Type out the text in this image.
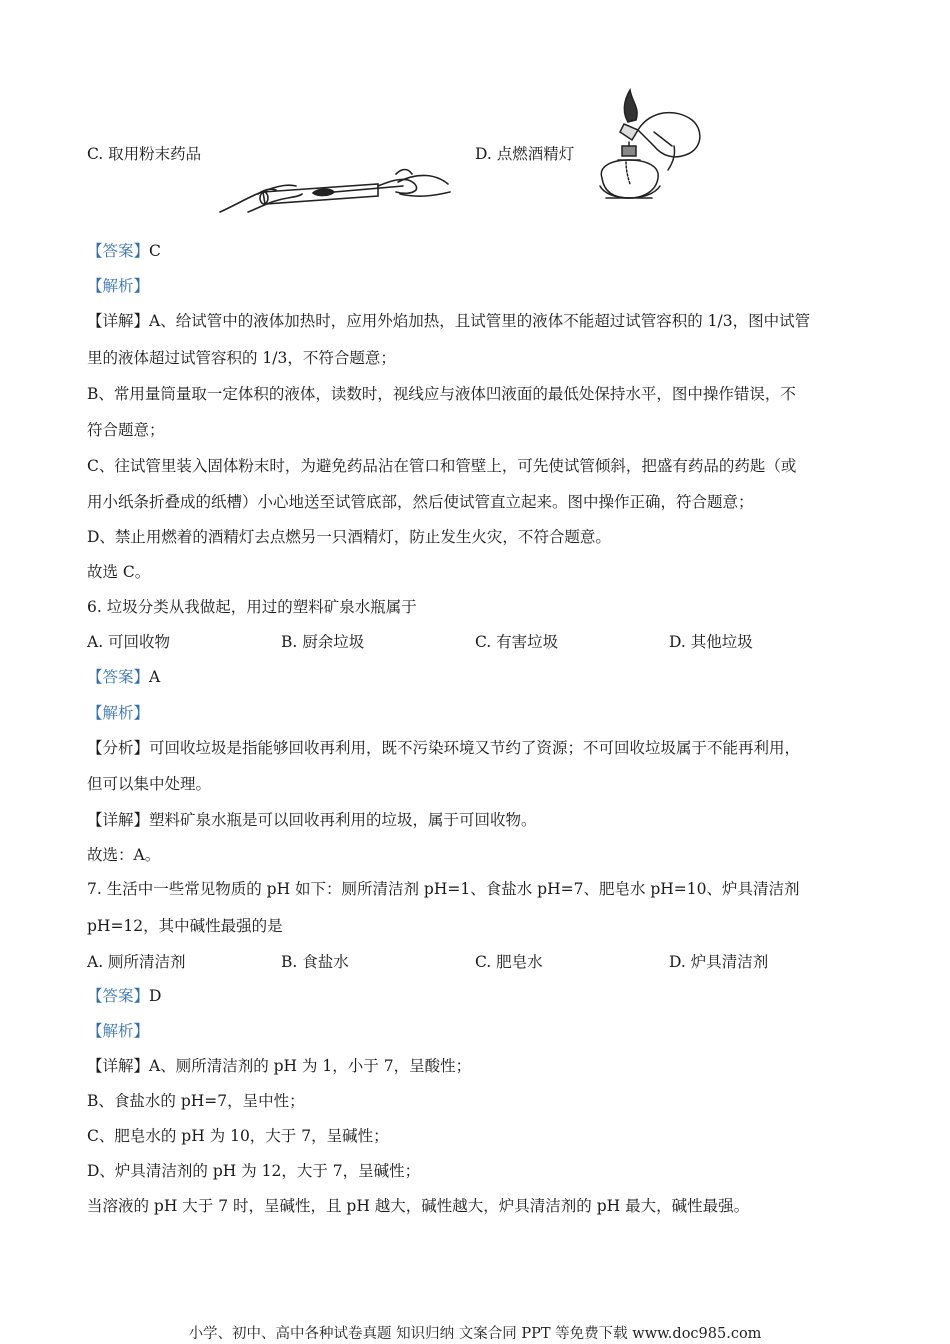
C. 取用粉末药品	D. 点燃酒精灯
【答案】C
【解析】
【详解】A、给试管中的液体加热时，应用外焰加热，且试管里的液体不能超过试管容积的 1/3，图中试管
里的液体超过试管容积的 1/3，不符合题意；
B、常用量筒量取一定体积的液体，读数时，视线应与液体凹液面的最低处保持水平，图中操作错误，不
符合题意；
C、往试管里装入固体粉末时，为避免药品沾在管口和管壁上，可先使试管倾斜，把盛有药品的药匙（或
用小纸条折叠成的纸槽）小心地送至试管底部，然后使试管直立起来。图中操作正确，符合题意；
D、禁止用燃着的酒精灯去点燃另一只酒精灯，防止发生火灾，不符合题意。
故选 C。
6. 垃圾分类从我做起，用过的塑料矿泉水瓶属于
A. 可回收物	B. 厨余垃圾	C. 有害垃圾	D. 其他垃圾
【答案】A
【解析】
【分析】可回收垃圾是指能够回收再利用，既不污染环境又节约了资源；不可回收垃圾属于不能再利用，
但可以集中处理。
【详解】塑料矿泉水瓶是可以回收再利用的垃圾，属于可回收物。
故选：A。
7. 生活中一些常见物质的 pH 如下：厕所清洁剂 pH=1、食盐水 pH=7、肥皂水 pH=10、炉具清洁剂
pH=12，其中碱性最强的是
A. 厕所清洁剂	B. 食盐水	C. 肥皂水	D. 炉具清洁剂
【答案】D
【解析】
【详解】A、厕所清洁剂的 pH 为 1，小于 7，呈酸性；
B、食盐水的 pH=7，呈中性；
C、肥皂水的 pH 为 10，大于 7，呈碱性；
D、炉具清洁剂的 pH 为 12，大于 7，呈碱性；
当溶液的 pH 大于 7 时，呈碱性，且 pH 越大，碱性越大，炉具清洁剂的 pH 最大，碱性最强。
小学、初中、高中各种试卷真题 知识归纳 文案合同 PPT 等免费下载 www.doc985.com
